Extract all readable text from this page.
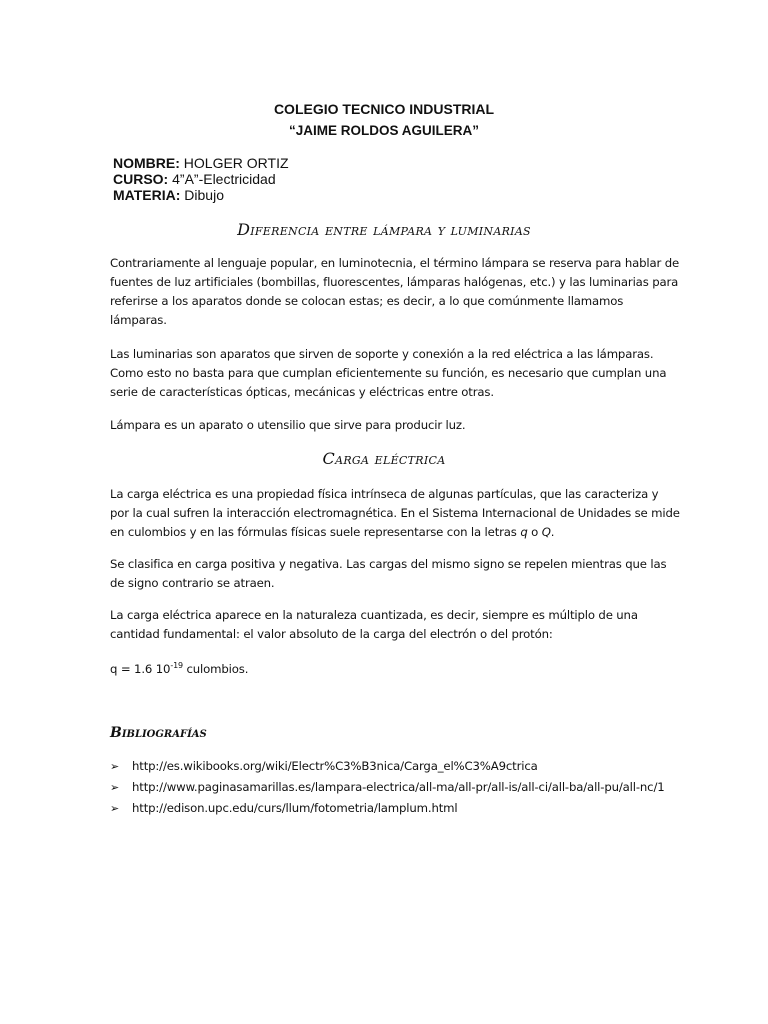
COLEGIO TECNICO INDUSTRIAL
“JAIME ROLDOS AGUILERA”
NOMBRE: HOLGER ORTIZ
CURSO: 4”A”-Electricidad
MATERIA: Dibujo
Diferencia entre lámpara y luminarias
Contrariamente al lenguaje popular, en luminotecnia, el término lámpara se reserva para hablar de fuentes de luz artificiales (bombillas, fluorescentes, lámparas halógenas, etc.) y las luminarias para referirse a los aparatos donde se colocan estas; es decir, a lo que comúnmente llamamos lámparas.
Las luminarias son aparatos que sirven de soporte y conexión a la red eléctrica a las lámparas. Como esto no basta para que cumplan eficientemente su función, es necesario que cumplan una serie de características ópticas, mecánicas y eléctricas entre otras.
Lámpara es un aparato o utensilio que sirve para producir luz.
Carga eléctrica
La carga eléctrica es una propiedad física intrínseca de algunas partículas, que las caracteriza y por la cual sufren la interacción electromagnética. En el Sistema Internacional de Unidades se mide en culombios y en las fórmulas físicas suele representarse con la letras q o Q.
Se clasifica en carga positiva y negativa. Las cargas del mismo signo se repelen mientras que las de signo contrario se atraen.
La carga eléctrica aparece en la naturaleza cuantizada, es decir, siempre es múltiplo de una cantidad fundamental: el valor absoluto de la carga del electrón o del protón:
q = 1.6 $10^{-19}$ culombios.
Bibliografías
➢	http://es.wikibooks.org/wiki/Electr%C3%B3nica/Carga_el%C3%A9ctrica
➢	http://www.paginasamarillas.es/lampara-electrica/all-ma/all-pr/all-is/all-ci/all-ba/all-pu/all-nc/1
➢	http://edison.upc.edu/curs/llum/fotometria/lamplum.html
